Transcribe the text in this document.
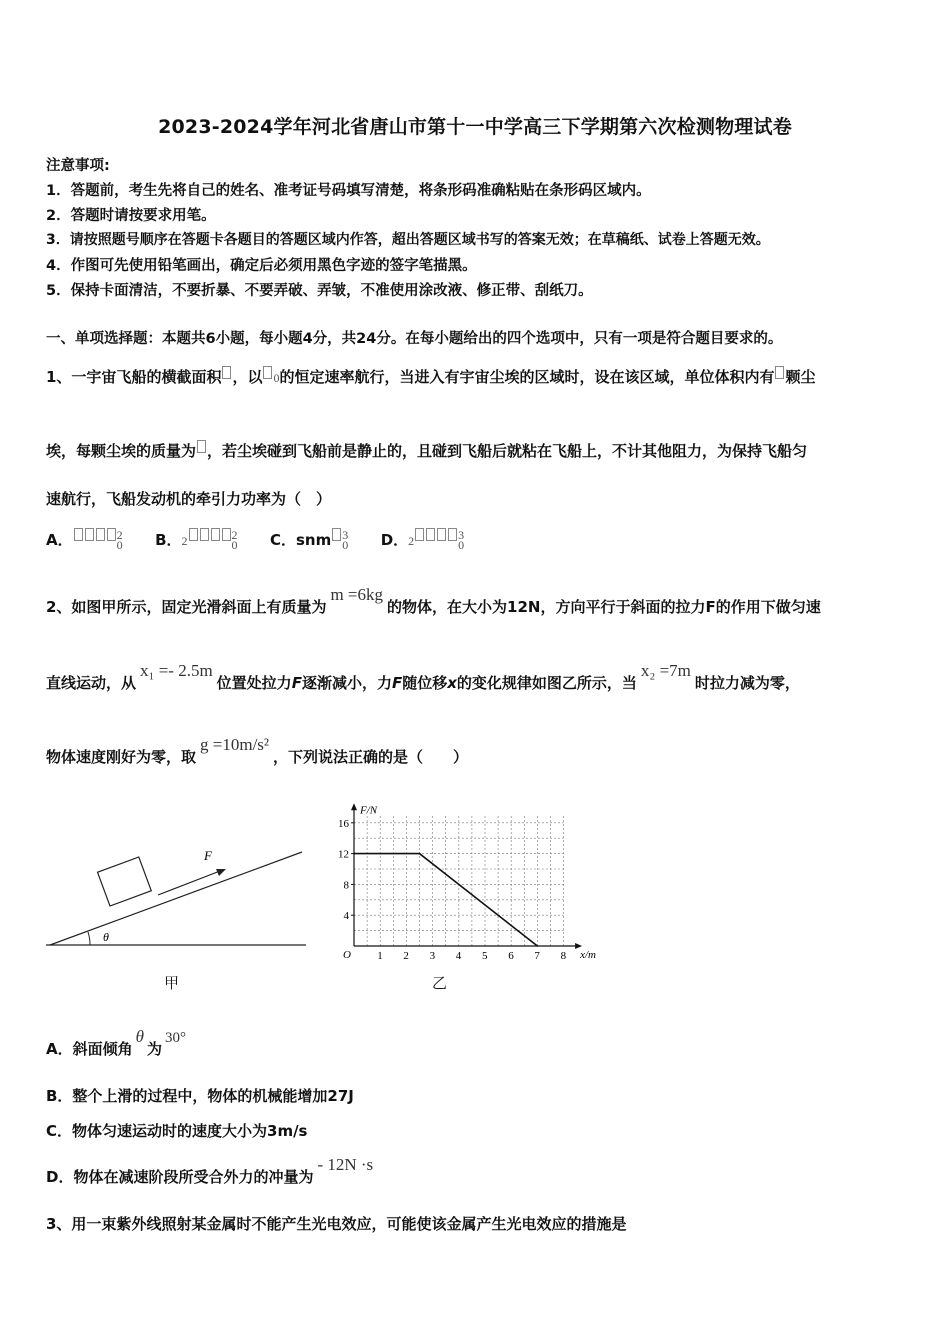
2023-2024学年河北省唐山市第十一中学高三下学期第六次检测物理试卷
注意事项:
1．答题前，考生先将自己的姓名、准考证号码填写清楚，将条形码准确粘贴在条形码区域内。
2．答题时请按要求用笔。
3．请按照题号顺序在答题卡各题目的答题区域内作答，超出答题区域书写的答案无效；在草稿纸、试卷上答题无效。
4．作图可先使用铅笔画出，确定后必须用黑色字迹的签字笔描黑。
5．保持卡面清洁，不要折暴、不要弄破、弄皱，不准使用涂改液、修正带、刮纸刀。
一、单项选择题：本题共6小题，每小题4分，共24分。在每小题给出的四个选项中，只有一项是符合题目要求的。
1、一宇宙飞船的横截面积 ，以 0的恒定速率航行，当进入有宇宙尘埃的区域时，设在该区域，单位体积内有 颗尘
埃，每颗尘埃的质量为 ，若尘埃碰到飞船前是静止的，且碰到飞船后就粘在飞船上，不计其他阻力，为保持飞船匀
速航行，飞船发动机的牵引力功率为（　）
A．	$^2_0$ B．2	$^2_0$ C．snm $^3_0$ D．2	$^3_0$
2、如图甲所示，固定光滑斜面上有质量为m =6kg的物体，在大小为12N，方向平行于斜面的拉力F的作用下做匀速
直线运动，从x₁ =- 2.5m位置处拉力F逐渐减小，力F随位移x的变化规律如图乙所示，当x₂ =7m时拉力减为零，
物体速度刚好为零，取g =10m/s²，下列说法正确的是（　　）
F
θ
甲
F/N
x/m
O 1 2 3 4 5 6 7 8
4
8
12
16
乙
A．斜面倾角θ为30°
B．整个上滑的过程中，物体的机械能增加27J
C．物体匀速运动时的速度大小为3m/s
D．物体在减速阶段所受合外力的冲量为- 12N ·s
3、用一束紫外线照射某金属时不能产生光电效应，可能使该金属产生光电效应的措施是
